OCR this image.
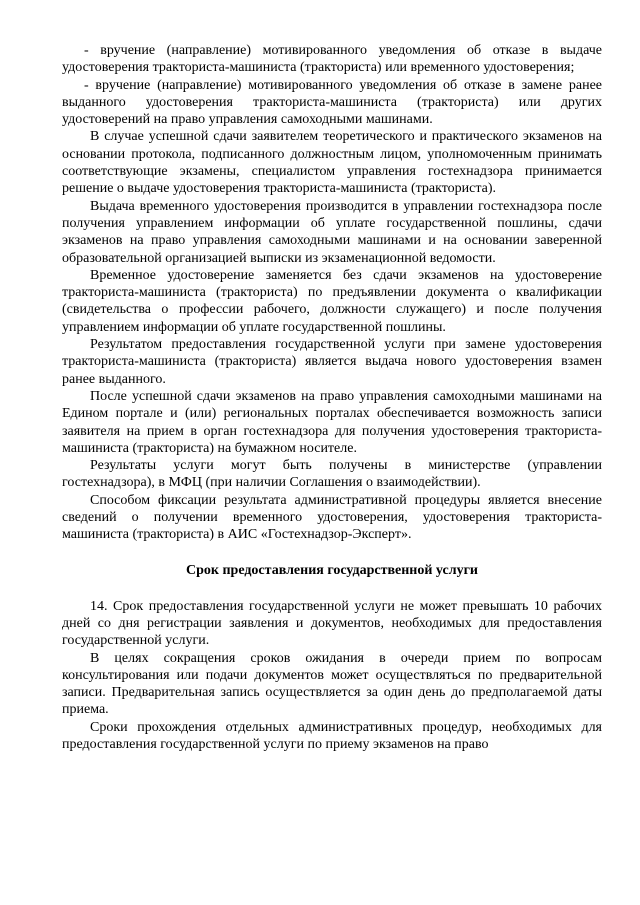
- вручение (направление) мотивированного уведомления об отказе в выдаче удостоверения тракториста-машиниста (тракториста) или временного удостоверения;

- вручение (направление) мотивированного уведомления об отказе в замене ранее выданного удостоверения тракториста-машиниста (тракториста) или других удостоверений на право управления самоходными машинами.

В случае успешной сдачи заявителем теоретического и практического экзаменов на основании протокола, подписанного должностным лицом, уполномоченным принимать соответствующие экзамены, специалистом управления гостехнадзора принимается решение о выдаче удостоверения тракториста-машиниста (тракториста).

Выдача временного удостоверения производится в управлении гостехнадзора после получения управлением информации об уплате государственной пошлины, сдачи экзаменов на право управления самоходными машинами и на основании заверенной образовательной организацией выписки из экзаменационной ведомости.

Временное удостоверение заменяется без сдачи экзаменов на удостоверение тракториста-машиниста (тракториста) по предъявлении документа о квалификации (свидетельства о профессии рабочего, должности служащего) и после получения управлением информации об уплате государственной пошлины.

Результатом предоставления государственной услуги при замене удостоверения тракториста-машиниста (тракториста) является выдача нового удостоверения взамен ранее выданного.

После успешной сдачи экзаменов на право управления самоходными машинами на Едином портале и (или) региональных порталах обеспечивается возможность записи заявителя на прием в орган гостехнадзора для получения удостоверения тракториста-машиниста (тракториста) на бумажном носителе.

Результаты услуги могут быть получены в министерстве (управлении гостехнадзора), в МФЦ (при наличии Соглашения о взаимодействии).

Способом фиксации результата административной процедуры является внесение сведений о получении временного удостоверения, удостоверения тракториста- машиниста (тракториста) в АИС «Гостехнадзор-Эксперт».

Срок предоставления государственной услуги

14. Срок предоставления государственной услуги не может превышать 10 рабочих дней со дня регистрации заявления и документов, необходимых для предоставления государственной услуги.

В целях сокращения сроков ожидания в очереди прием по вопросам консультирования или подачи документов может осуществляться по предварительной записи. Предварительная запись осуществляется за один день до предполагаемой даты приема.

Сроки прохождения отдельных административных процедур, необходимых для предоставления государственной услуги по приему экзаменов на право
